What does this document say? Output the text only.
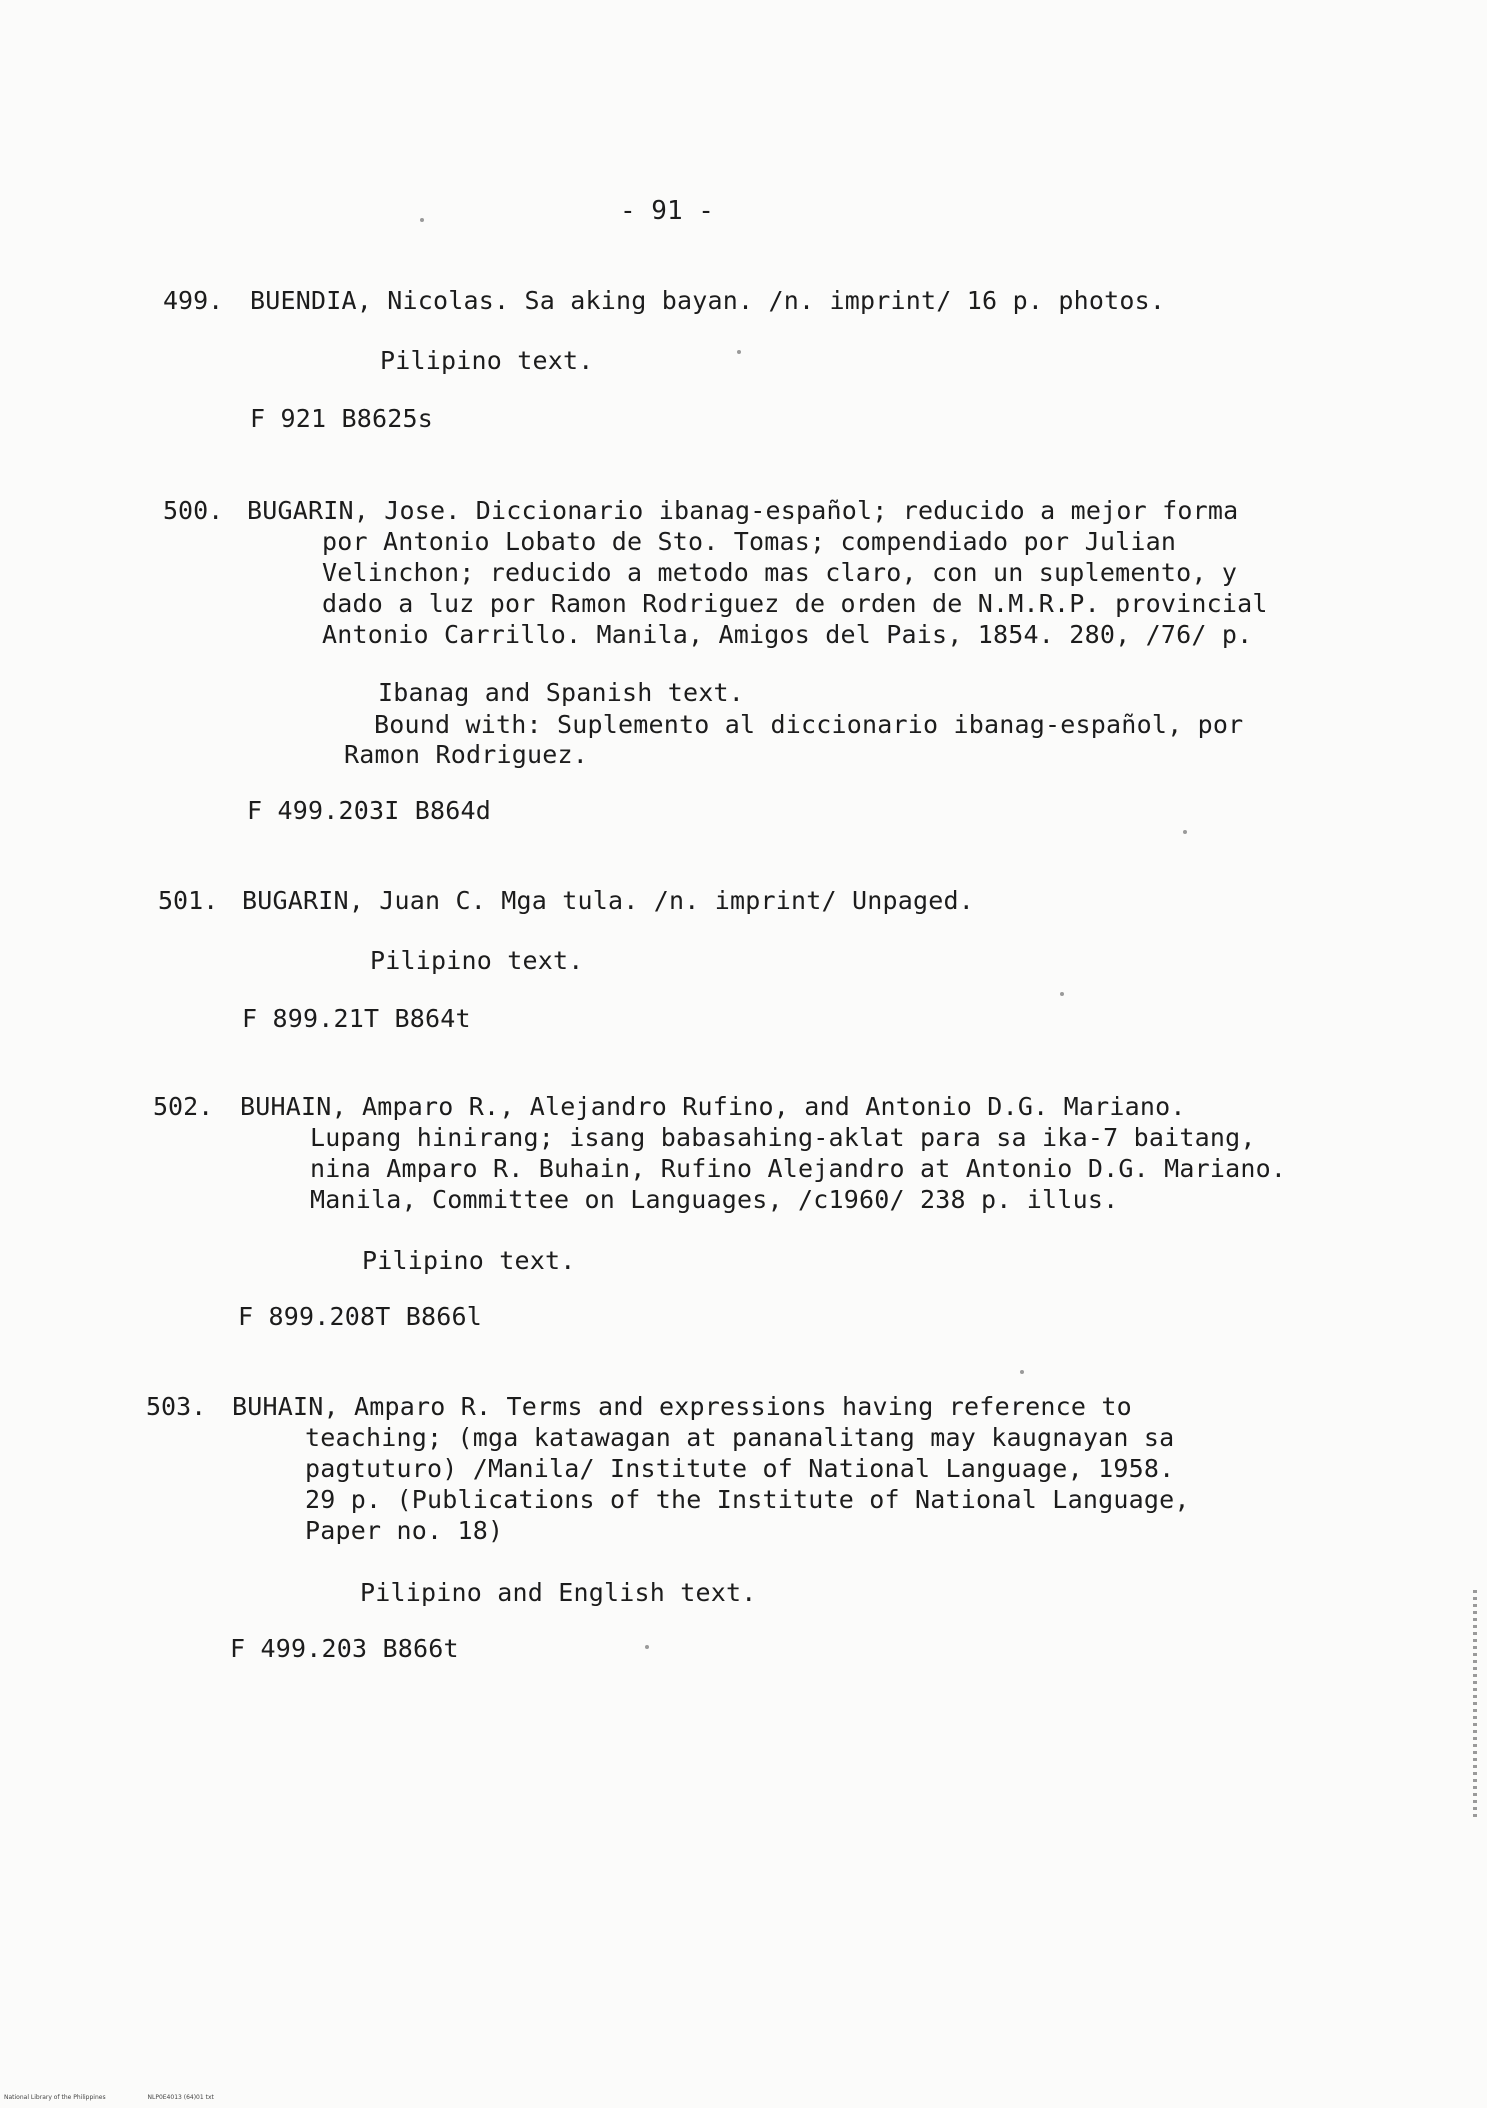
- 91 -
499. BUENDIA, Nicolas. Sa aking bayan. /n. imprint/ 16 p. photos.
Pilipino text.
F 921 B8625s
500. BUGARIN, Jose. Diccionario ibanag-español; reducido a mejor forma
por Antonio Lobato de Sto. Tomas; compendiado por Julian
Velinchon; reducido a metodo mas claro, con un suplemento, y
dado a luz por Ramon Rodriguez de orden de N.M.R.P. provincial
Antonio Carrillo. Manila, Amigos del Pais, 1854. 280, /76/ p.
Ibanag and Spanish text.
Bound with: Suplemento al diccionario ibanag-español, por
Ramon Rodriguez.
F 499.203I B864d
501. BUGARIN, Juan C. Mga tula. /n. imprint/ Unpaged.
Pilipino text.
F 899.21T B864t
502. BUHAIN, Amparo R., Alejandro Rufino, and Antonio D.G. Mariano.
Lupang hinirang; isang babasahing-aklat para sa ika-7 baitang,
nina Amparo R. Buhain, Rufino Alejandro at Antonio D.G. Mariano.
Manila, Committee on Languages, /c1960/ 238 p. illus.
Pilipino text.
F 899.208T B866l
503. BUHAIN, Amparo R. Terms and expressions having reference to
teaching; (mga katawagan at pananalitang may kaugnayan sa
pagtuturo) /Manila/ Institute of National Language, 1958.
29 p. (Publications of the Institute of National Language,
Paper no. 18)
Pilipino and English text.
F 499.203 B866t
National Library of the Philippines	NLP0E4013 (64)01 txt
